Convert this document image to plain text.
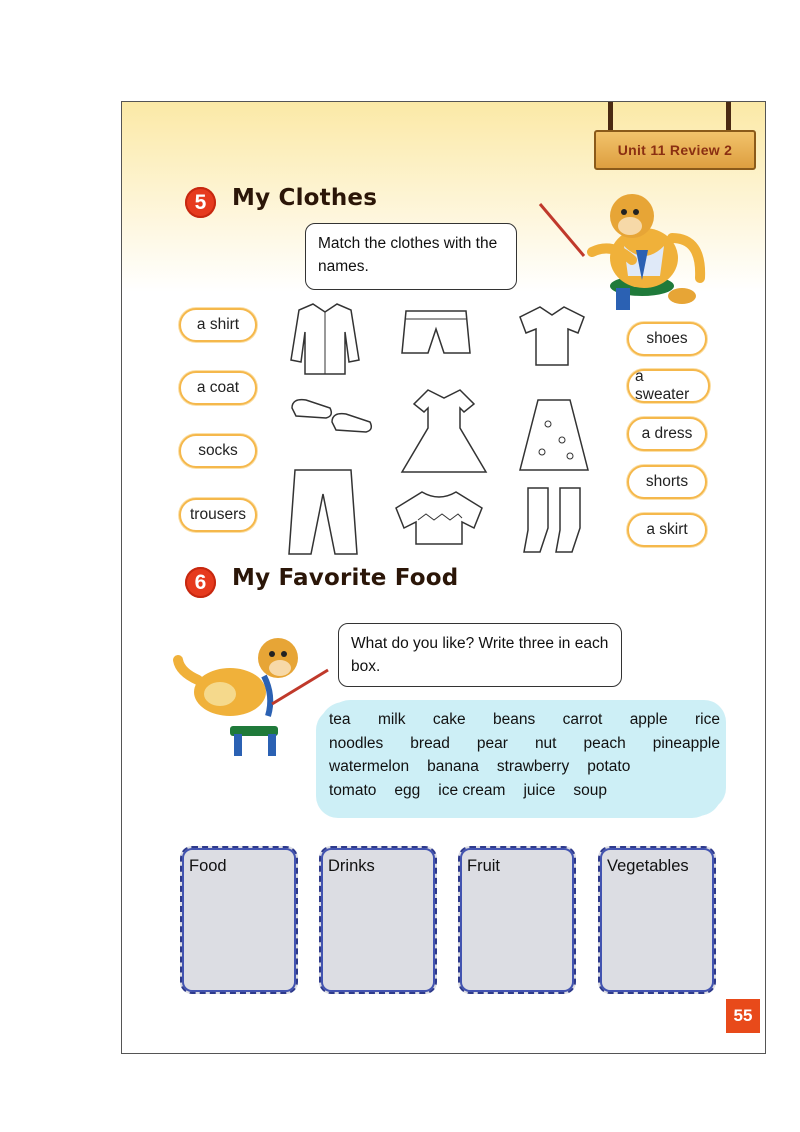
Unit 11 Review 2
5	My Clothes
Match the clothes with the names.
a shirt
a coat
socks
trousers
shoes
a sweater
a dress
shorts
a skirt
6	My Favorite Food
What do you like? Write three in each box.
tea milk cake beans carrot apple rice
noodles bread pear nut peach pineapple
watermelon banana strawberry potato
tomato egg ice cream juice soup
Food	Drinks	Fruit	Vegetables
55
